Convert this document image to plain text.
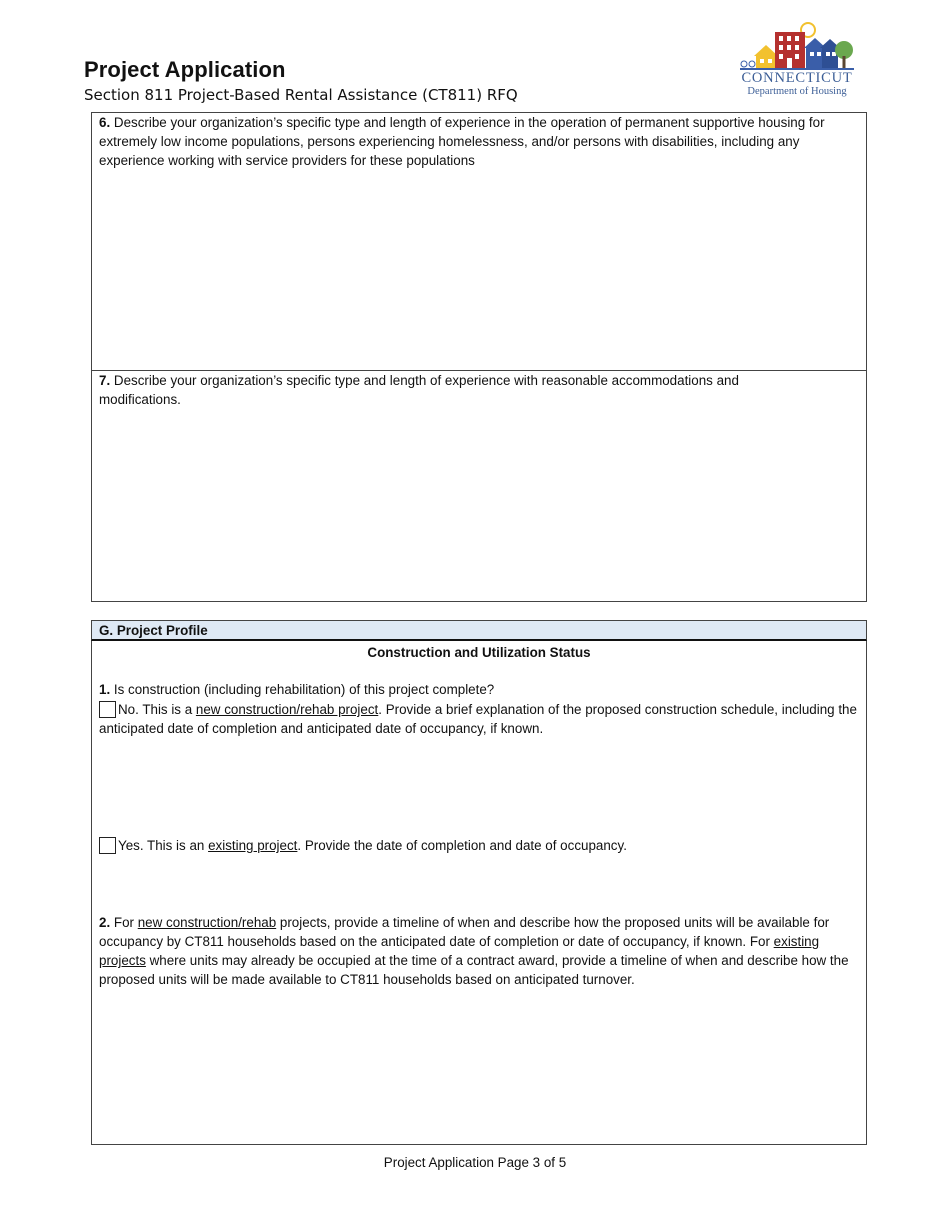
Project Application
Section 811 Project-Based Rental Assistance (CT811) RFQ
CONNECTICUT
Department of Housing

6. Describe your organization’s specific type and length of experience in the operation of permanent supportive housing for extremely low income populations, persons experiencing homelessness, and/or persons with disabilities, including any experience working with service providers for these populations

7. Describe your organization’s specific type and length of experience with reasonable accommodations and modifications.

G. Project Profile
Construction and Utilization Status

1. Is construction (including rehabilitation) of this project complete?

No. This is a new construction/rehab project. Provide a brief explanation of the proposed construction schedule, including the anticipated date of completion and anticipated date of occupancy, if known.

Yes. This is an existing project. Provide the date of completion and date of occupancy.

2. For new construction/rehab projects, provide a timeline of when and describe how the proposed units will be available for occupancy by CT811 households based on the anticipated date of completion or date of occupancy, if known. For existing projects where units may already be occupied at the time of a contract award, provide a timeline of when and describe how the proposed units will be made available to CT811 households based on anticipated turnover.

Project Application Page 3 of 5
